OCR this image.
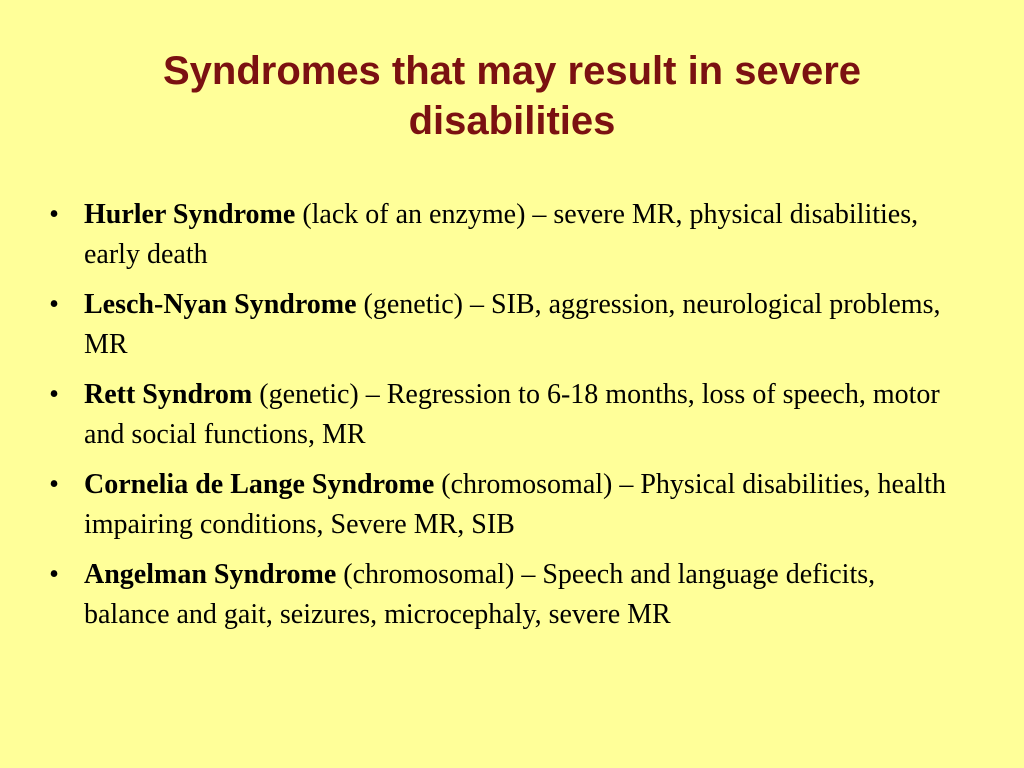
Syndromes that may result in severe disabilities
• Hurler Syndrome (lack of an enzyme) – severe MR, physical disabilities, early death
• Lesch-Nyan Syndrome (genetic) – SIB, aggression, neurological problems, MR
• Rett Syndrom (genetic) – Regression to 6-18 months, loss of speech, motor and social functions, MR
• Cornelia de Lange Syndrome (chromosomal) – Physical disabilities, health impairing conditions, Severe MR, SIB
• Angelman Syndrome (chromosomal) – Speech and language deficits, balance and gait, seizures, microcephaly, severe MR
